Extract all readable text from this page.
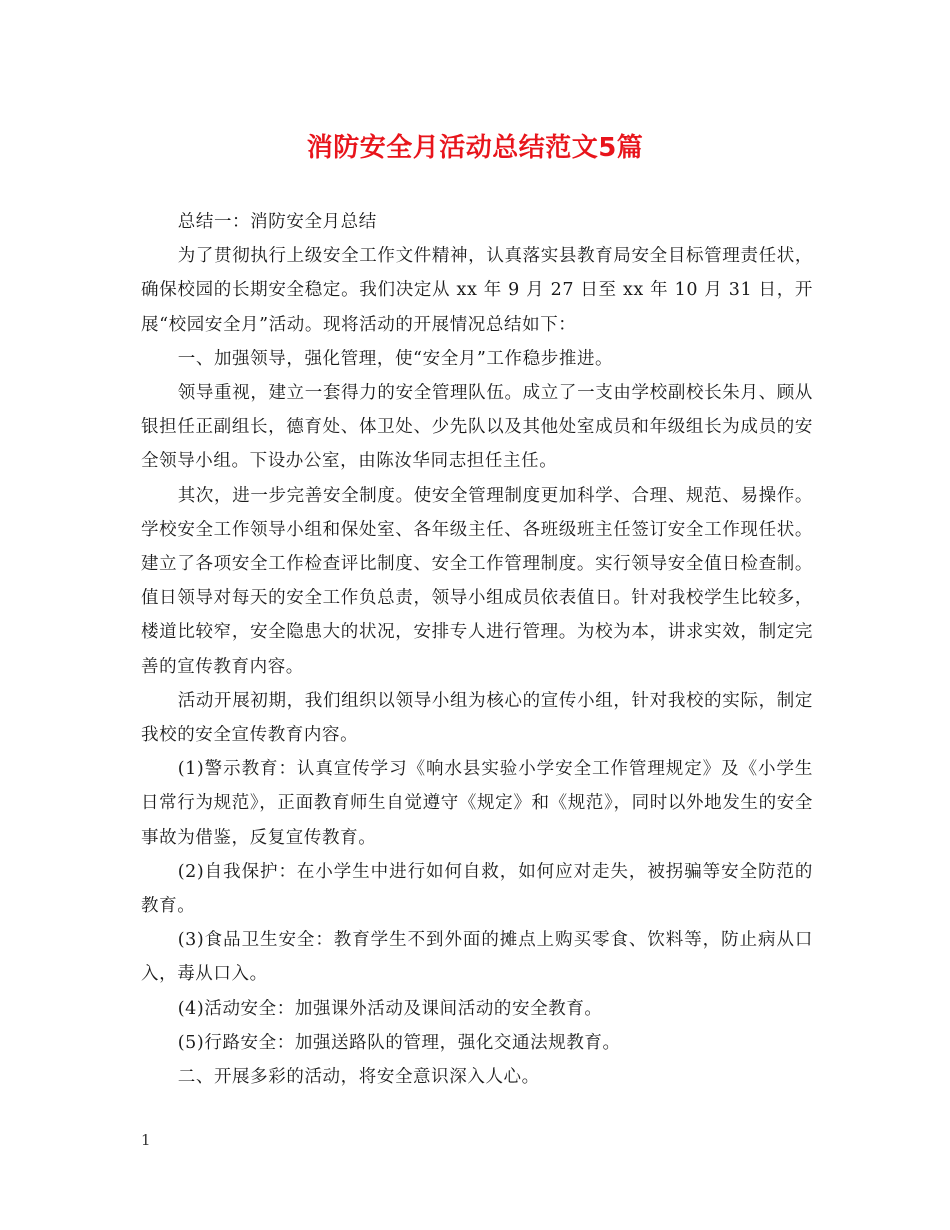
消防安全月活动总结范文5篇

总结一：消防安全月总结

为了贯彻执行上级安全工作文件精神，认真落实县教育局安全目标管理责任状，确保校园的长期安全稳定。我们决定从 xx 年 9 月 27 日至 xx 年 10 月 31 日，开展“校园安全月”活动。现将活动的开展情况总结如下：

一、加强领导，强化管理，使“安全月”工作稳步推进。

领导重视，建立一套得力的安全管理队伍。成立了一支由学校副校长朱月、顾从银担任正副组长，德育处、体卫处、少先队以及其他处室成员和年级组长为成员的安全领导小组。下设办公室，由陈汝华同志担任主任。

其次，进一步完善安全制度。使安全管理制度更加科学、合理、规范、易操作。学校安全工作领导小组和保处室、各年级主任、各班级班主任签订安全工作现任状。建立了各项安全工作检查评比制度、安全工作管理制度。实行领导安全值日检查制。值日领导对每天的安全工作负总责，领导小组成员依表值日。针对我校学生比较多，楼道比较窄，安全隐患大的状况，安排专人进行管理。为校为本，讲求实效，制定完善的宣传教育内容。

活动开展初期，我们组织以领导小组为核心的宣传小组，针对我校的实际，制定我校的安全宣传教育内容。

(1)警示教育：认真宣传学习《响水县实验小学安全工作管理规定》及《小学生日常行为规范》，正面教育师生自觉遵守《规定》和《规范》，同时以外地发生的安全事故为借鉴，反复宣传教育。

(2)自我保护：在小学生中进行如何自救，如何应对走失，被拐骗等安全防范的教育。

(3)食品卫生安全：教育学生不到外面的摊点上购买零食、饮料等，防止病从口入，毒从口入。

(4)活动安全：加强课外活动及课间活动的安全教育。

(5)行路安全：加强送路队的管理，强化交通法规教育。

二、开展多彩的活动，将安全意识深入人心。

1
